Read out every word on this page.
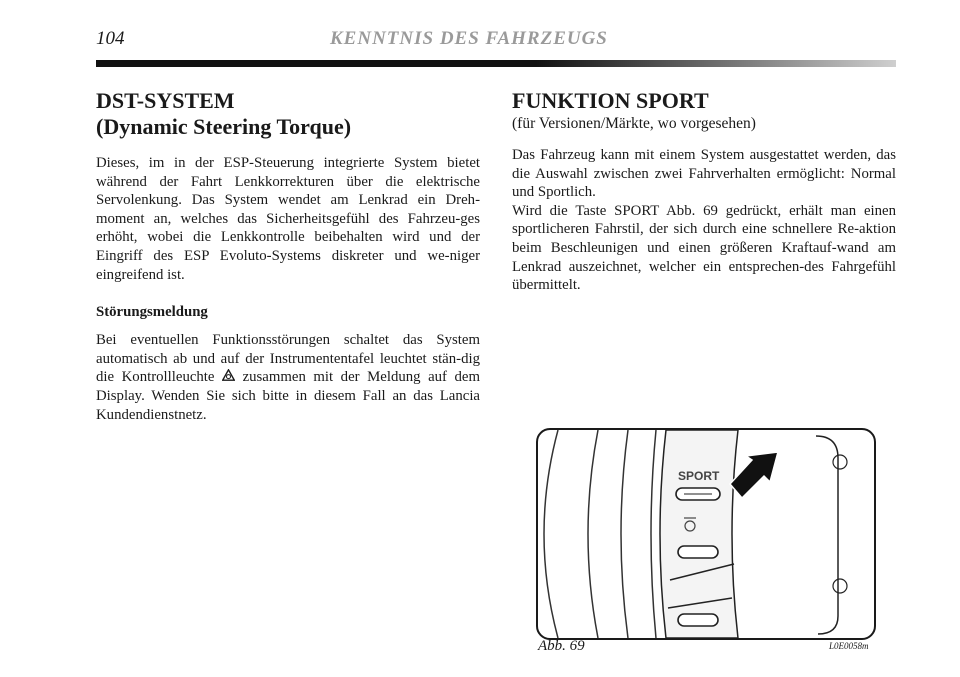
104	KENNTNIS DES FAHRZEUGS
DST-SYSTEM
(Dynamic Steering Torque)

Dieses, im in der ESP-Steuerung integrierte System bietet während der Fahrt Lenkkorrekturen über die elektrische Servolenkung. Das System wendet am Lenkrad ein Dreh-moment an, welches das Sicherheitsgefühl des Fahrzeu-ges erhöht, wobei die Lenkkontrolle beibehalten wird und der Eingriff des ESP Evoluto-Systems diskreter und we-niger eingreifend ist.

Störungsmeldung

Bei eventuellen Funktionsstörungen schaltet das System automatisch ab und auf der Instrumententafel leuchtet stän-dig die Kontrollleuchte zusammen mit der Meldung auf dem Display. Wenden Sie sich bitte in diesem Fall an das Lancia Kundendienstnetz.

FUNKTION SPORT
(für Versionen/Märkte, wo vorgesehen)

Das Fahrzeug kann mit einem System ausgestattet werden, das die Auswahl zwischen zwei Fahrverhalten ermöglicht: Normal und Sportlich.
Wird die Taste SPORT Abb. 69 gedrückt, erhält man einen sportlicheren Fahrstil, der sich durch eine schnellere Re-aktion beim Beschleunigen und einen größeren Kraftauf-wand am Lenkrad auszeichnet, welcher ein entsprechen-des Fahrgefühl übermittelt.

SPORT
Abb. 69	L0E0058m
